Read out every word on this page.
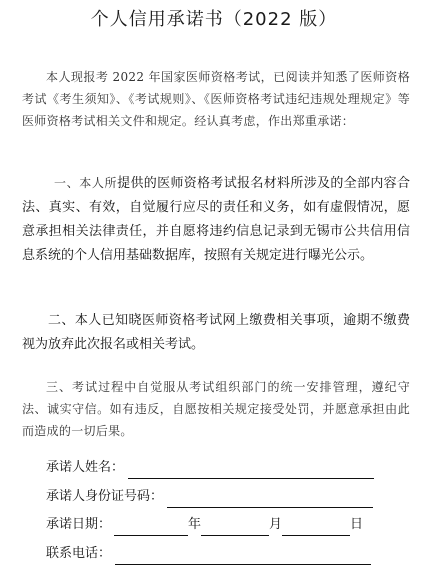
个人信用承诺书（2022 版）

本人现报考 2022 年国家医师资格考试，已阅读并知悉了医师资格考试《考生须知》、《考试规则》、《医师资格考试违纪违规处理规定》等医师资格考试相关文件和规定。经认真考虑，作出郑重承诺：

一、本人所提供的医师资格考试报名材料所涉及的全部内容合法、真实、有效，自觉履行应尽的责任和义务，如有虚假情况，愿意承担相关法律责任，并自愿将违约信息记录到无锡市公共信用信息系统的个人信用基础数据库，按照有关规定进行曝光公示。

二、本人已知晓医师资格考试网上缴费相关事项，逾期不缴费视为放弃此次报名或相关考试。

三、考试过程中自觉服从考试组织部门的统一安排管理，遵纪守法、诚实守信。如有违反，自愿按相关规定接受处罚，并愿意承担由此而造成的一切后果。

承诺人姓名：
承诺人身份证号码：
承诺日期：	年	月	日
联系电话：
